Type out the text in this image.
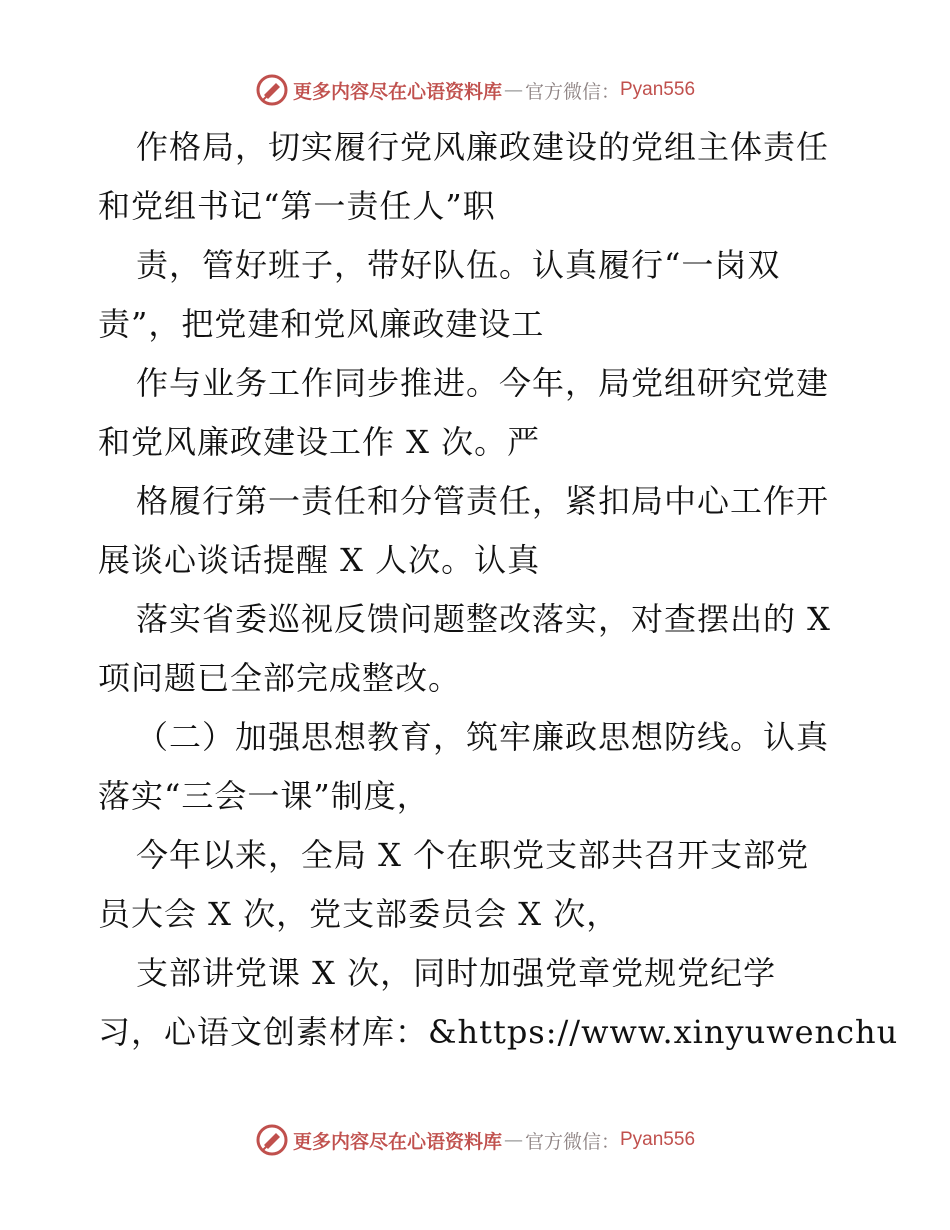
更多内容尽在心语资料库 — 官方微信： Pyan556
作格局，切实履行党风廉政建设的党组主体责任
和党组书记“第一责任人”职
责，管好班子，带好队伍。认真履行“一岗双
责”，把党建和党风廉政建设工
作与业务工作同步推进。今年，局党组研究党建
和党风廉政建设工作 X 次。严
格履行第一责任和分管责任，紧扣局中心工作开
展谈心谈话提醒 X 人次。认真
落实省委巡视反馈问题整改落实，对查摆出的 X
项问题已全部完成整改。
（二）加强思想教育，筑牢廉政思想防线。认真
落实“三会一课”制度，
今年以来，全局 X 个在职党支部共召开支部党
员大会 X 次，党支部委员会 X 次，
支部讲党课 X 次，同时加强党章党规党纪学
习，心语文创素材库：&https://www.xinyuwenchu
更多内容尽在心语资料库 — 官方微信： Pyan556
